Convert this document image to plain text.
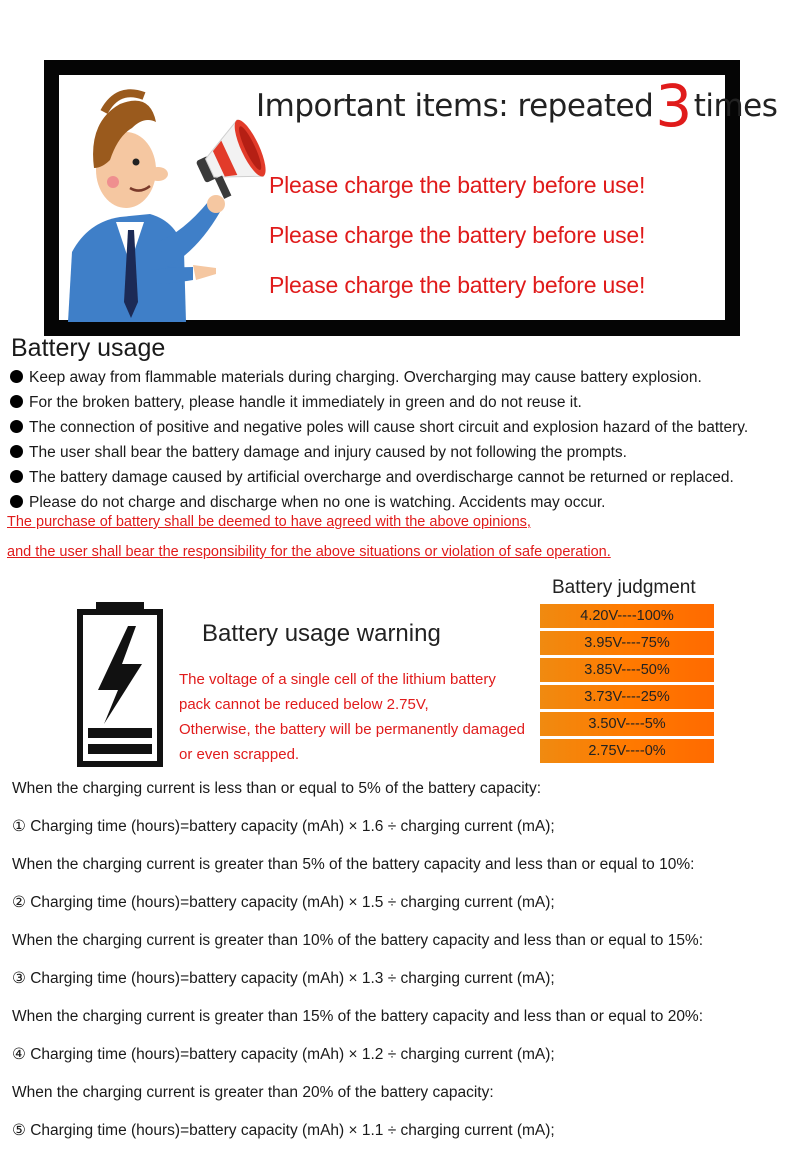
Important items: repeated3times
Please charge the battery before use!
Please charge the battery before use!
Please charge the battery before use!
Battery usage
Keep away from flammable materials during charging. Overcharging may cause battery explosion.
For the broken battery, please handle it immediately in green and do not reuse it.
The connection of positive and negative poles will cause short circuit and explosion hazard of the battery.
The user shall bear the battery damage and injury caused by not following the prompts.
The battery damage caused by artificial overcharge and overdischarge cannot be returned or replaced.
Please do not charge and discharge when no one is watching. Accidents may occur.
The purchase of battery shall be deemed to have agreed with the above opinions,
and the user shall bear the responsibility for the above situations or violation of safe operation.
Battery usage warning
The voltage of a single cell of the lithium battery
pack cannot be reduced below 2.75V,
Otherwise, the battery will be permanently damaged
or even scrapped.
Battery judgment
4.20V----100%
3.95V----75%
3.85V----50%
3.73V----25%
3.50V----5%
2.75V----0%
When the charging current is less than or equal to 5% of the battery capacity:
① Charging time (hours)=battery capacity (mAh) × 1.6 ÷ charging current (mA);
When the charging current is greater than 5% of the battery capacity and less than or equal to 10%:
② Charging time (hours)=battery capacity (mAh) × 1.5 ÷ charging current (mA);
When the charging current is greater than 10% of the battery capacity and less than or equal to 15%:
③ Charging time (hours)=battery capacity (mAh) × 1.3 ÷ charging current (mA);
When the charging current is greater than 15% of the battery capacity and less than or equal to 20%:
④ Charging time (hours)=battery capacity (mAh) × 1.2 ÷ charging current (mA);
When the charging current is greater than 20% of the battery capacity:
⑤ Charging time (hours)=battery capacity (mAh) × 1.1 ÷ charging current (mA);
